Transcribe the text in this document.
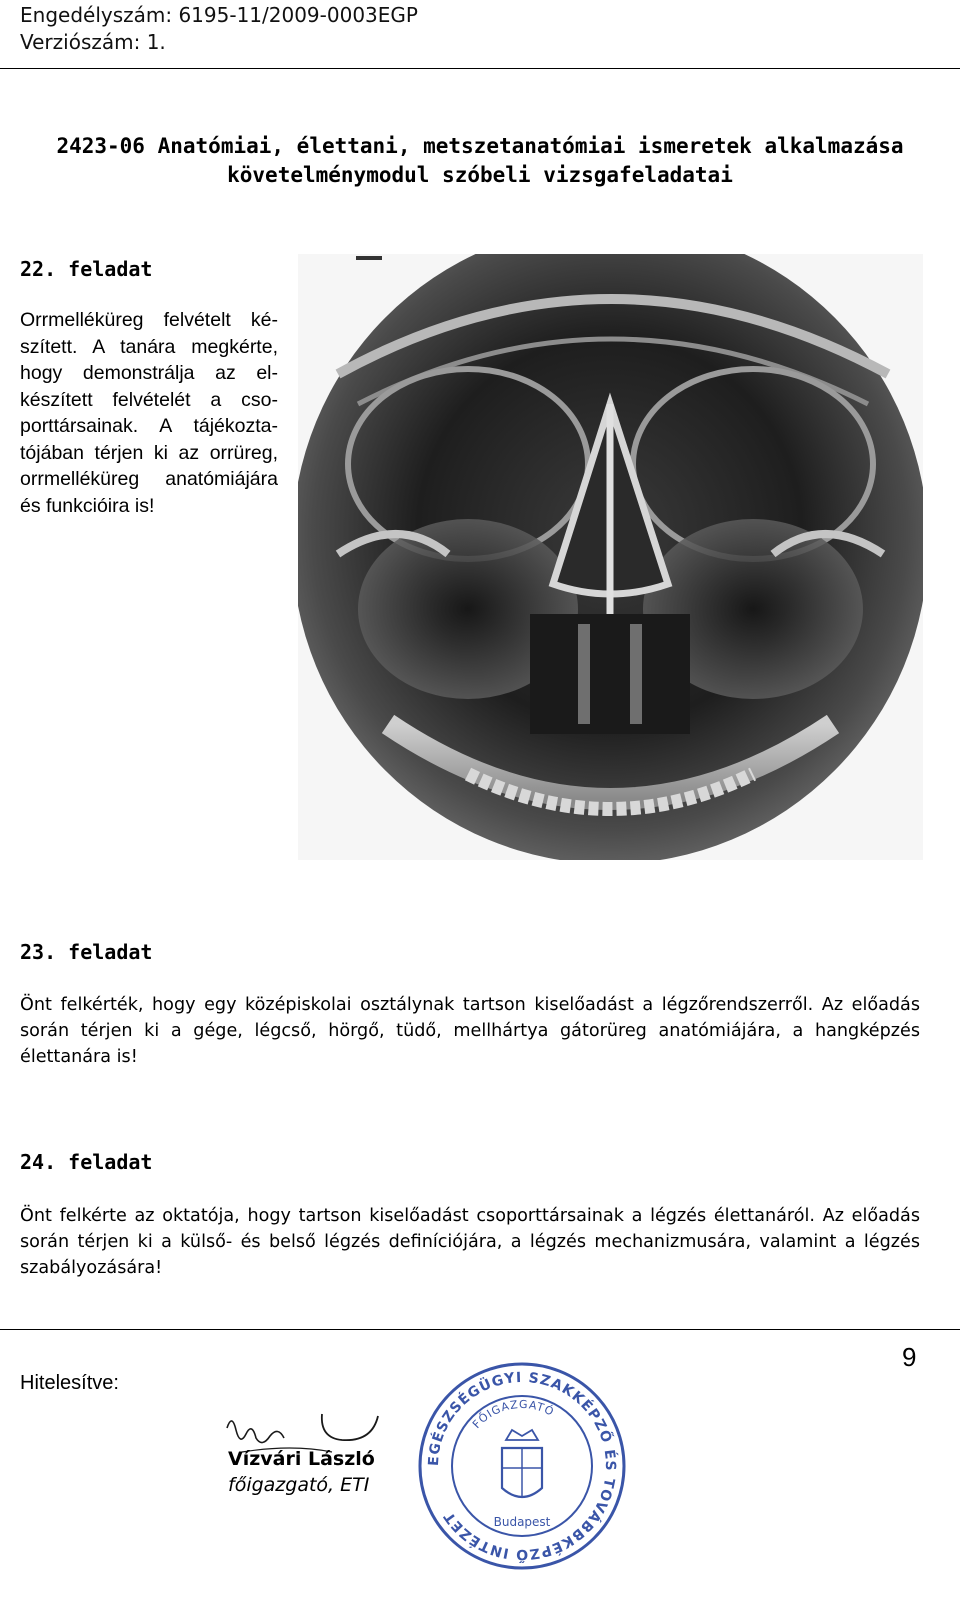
Engedélyszám: 6195-11/2009-0003EGP
Verziószám: 1.
2423-06 Anatómiai, élettani, metszetanatómiai ismeretek alkalmazása
követelménymodul szóbeli vizsgafeladatai
22. feladat
Orrmelléküreg felvételt készített. A tanára megkérte, hogy demonstrálja az elkészített felvételét a csoporttársainak. A tájékoztatójában térjen ki az orrüreg, orrmelléküreg anatómiájára és funkcióira is!
23. feladat
Önt felkérték, hogy egy középiskolai osztálynak tartson kiselőadást a légzőrendszerről. Az előadás során térjen ki a gége, légcső, hörgő, tüdő, mellhártya gátorüreg anatómiájára, a hangképzés élettanára is!
24. feladat
Önt felkérte az oktatója, hogy tartson kiselőadást csoporttársainak a légzés élettanáról. Az előadás során térjen ki a külső- és belső légzés definíciójára, a légzés mechanizmusára, valamint a légzés szabályozására!
9
Hitelesítve:
Vízvári László
főigazgató, ETI
EGÉSZSÉGÜGYI SZAKKÉPZŐ ÉS TOVÁBBKÉPZŐ INTÉZET
FŐIGAZGATÓ
Budapest
